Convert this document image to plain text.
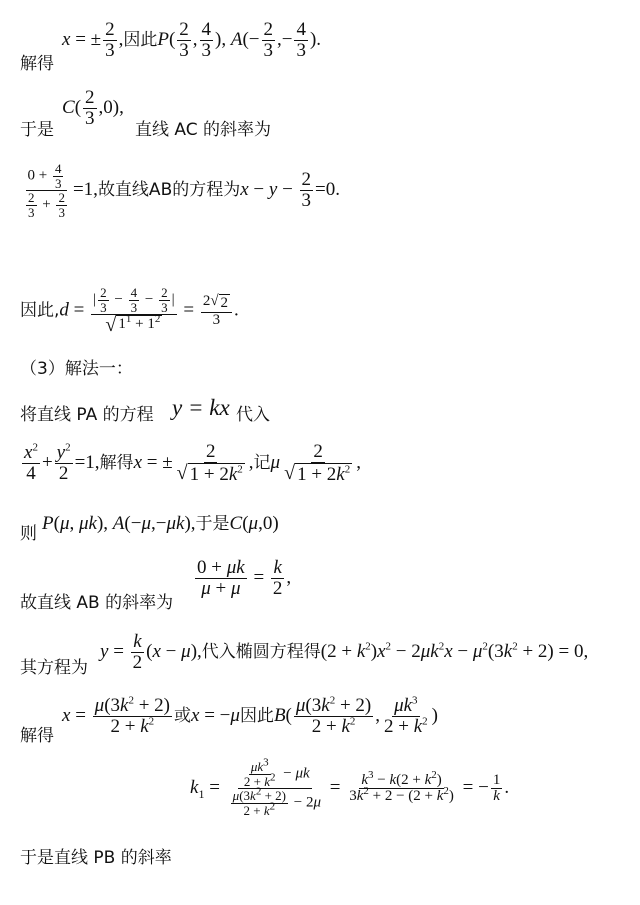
解得
x = ± $\frac{2}{3}$ ,因此$P( \frac{2}{3}$ , $\frac{4}{3}$ ), $A(- \frac{2}{3}$ ,− $\frac{4}{3}$ ).
于是
$C( \frac{2}{3} ,0)$,
直线 AC 的斜率为
$\frac{0 + \frac{4}{3}}{\frac{2}{3} + \frac{2}{3}} =1$,故直线AB的方程为$x - y - \frac{2}{3} =0$.
因此$,d = \frac{| \frac{2}{3} - \frac{4}{3} - \frac{2}{3} |}{√ 1^1 + 1^2} = \frac{2 √ 2}{3}$ .
（3）解法一：
将直线 PA 的方程 y = kx 代入
$\frac{x^2}{4} + \frac{y^2}{2} =1$,解得x = ± $\frac{2}{√ 1 + 2k^2}$ ,记μ $\frac{2}{√ 1 + 2k^2}$ ,
则 P(μ, μk), A(−μ,−μk),于是C(μ,0)
$\frac{0 + \mu k}{\mu + \mu} = \frac{k}{2}$ ,
故直线 AB 的斜率为
其方程为
$y = \frac{k}{2} (x - \mu)$,代入椭圆方程得$(2 + k^2)x^2 - 2\mu k^2x - \mu^2(3k^2 + 2) = 0$,
解得
$x = \frac{\mu(3k^2 + 2)}{2 + k^2}$ 或x = −μ因此$B( \frac{\mu(3k^2 + 2)}{2 + k^2}$ , $\frac{\mu k^3}{2 + k^2}$ )
$k_1 = \frac{\frac{\mu k^3}{2 + k^2} - \mu k}{\frac{\mu(3k^2 + 2)}{2 + k^2} - 2\mu} = \frac{k^3 - k(2 + k^2)}{3k^2 + 2 - (2 + k^2)}$ = − $\frac{1}{k}$ .
于是直线 PB 的斜率
